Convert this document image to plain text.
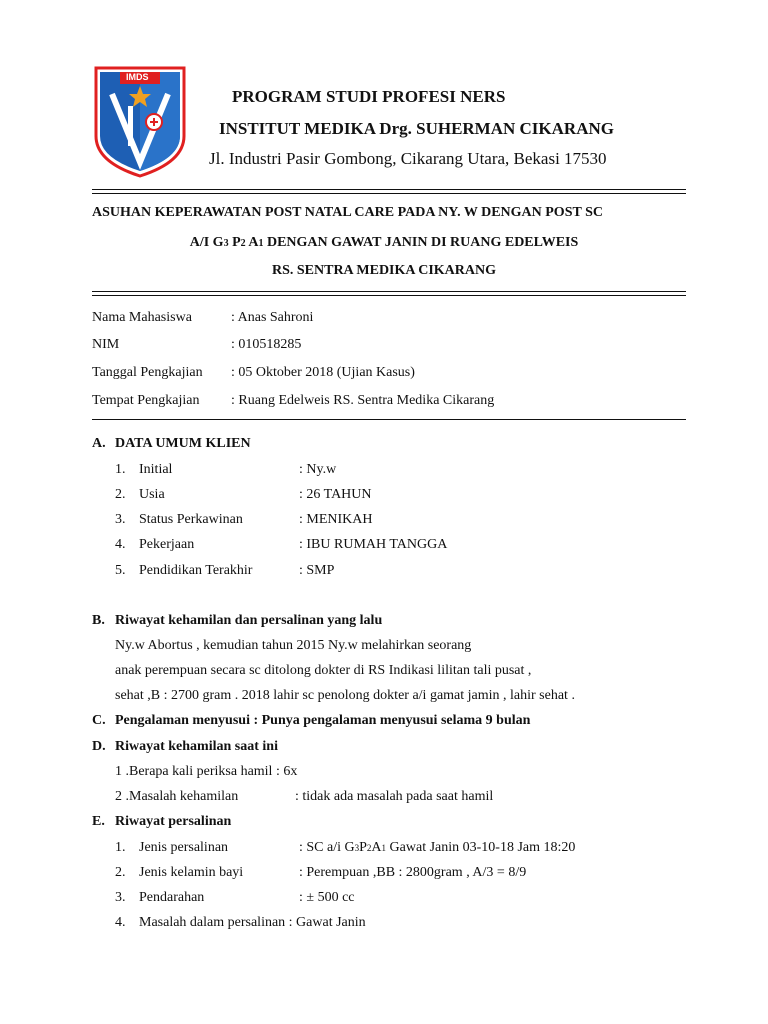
IMDS
PROGRAM STUDI PROFESI NERS
INSTITUT MEDIKA Drg. SUHERMAN CIKARANG
Jl. Industri Pasir Gombong, Cikarang Utara, Bekasi 17530
ASUHAN KEPERAWATAN POST NATAL CARE PADA NY. W DENGAN POST SC
A/I G3 P2 A1 DENGAN GAWAT JANIN DI RUANG EDELWEIS
RS. SENTRA MEDIKA CIKARANG
Nama Mahasiswa	: Anas Sahroni
NIM	: 010518285
Tanggal Pengkajian : 05 Oktober 2018 (Ujian Kasus)
Tempat Pengkajian : Ruang Edelweis RS. Sentra Medika Cikarang
A. DATA UMUM KLIEN
1. Initial	: Ny.w
2. Usia	: 26 TAHUN
3. Status Perkawinan	: MENIKAH
4. Pekerjaan	: IBU RUMAH TANGGA
5. Pendidikan Terakhir	: SMP
B. Riwayat kehamilan dan persalinan yang lalu
Ny.w Abortus , kemudian tahun 2015 Ny.w melahirkan seorang
anak perempuan secara sc ditolong dokter di RS Indikasi lilitan tali pusat ,
sehat ,B : 2700 gram . 2018 lahir sc penolong dokter a/i gamat jamin , lahir sehat .
C. Pengalaman menyusui : Punya pengalaman menyusui selama 9 bulan
D. Riwayat kehamilan saat ini
1 .Berapa kali periksa hamil : 6x
2 .Masalah kehamilan	: tidak ada masalah pada saat hamil
E. Riwayat persalinan
1. Jenis persalinan	: SC a/i G3P2A1 Gawat Janin 03-10-18 Jam 18:20
2. Jenis kelamin bayi	: Perempuan ,BB : 2800gram , A/3 = 8/9
3. Pendarahan	: ± 500 cc
4. Masalah dalam persalinan : Gawat Janin
